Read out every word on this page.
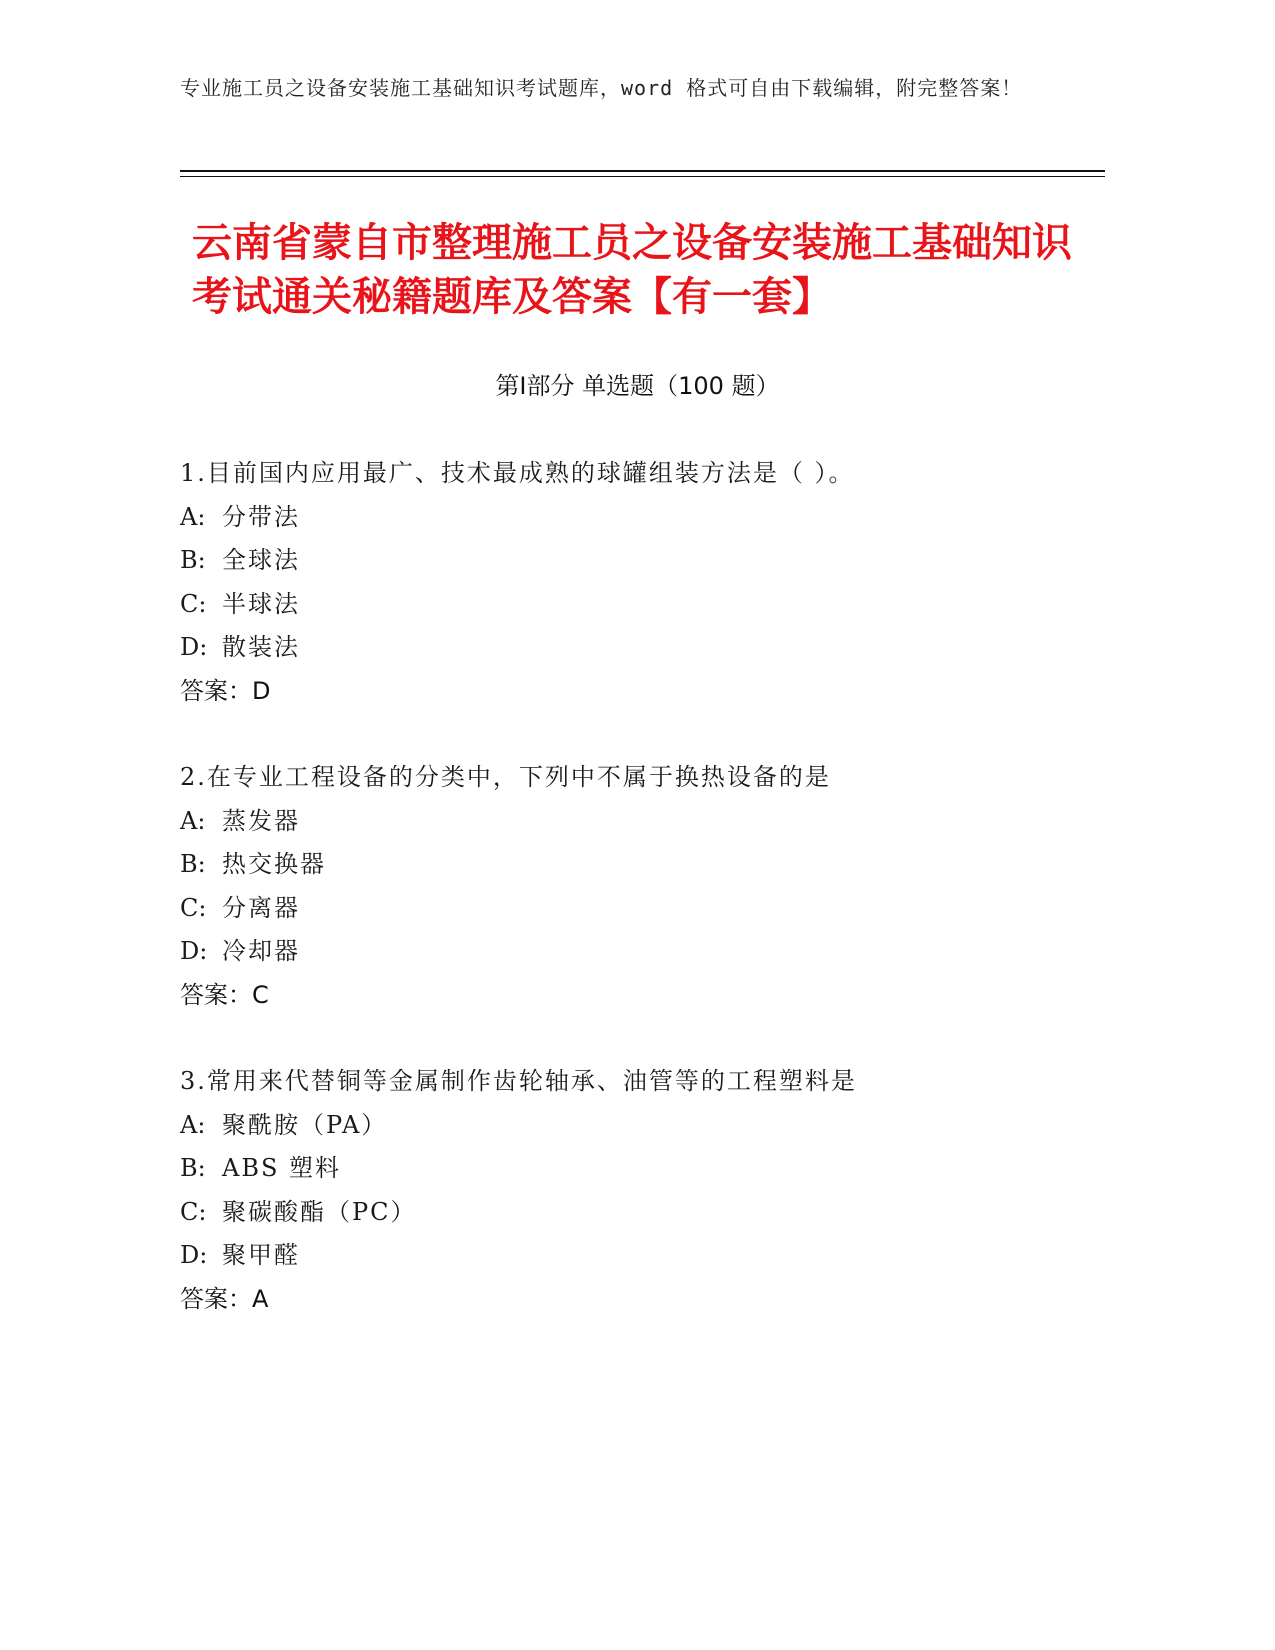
专业施工员之设备安装施工基础知识考试题库，word 格式可自由下载编辑，附完整答案！
云南省蒙自市整理施工员之设备安装施工基础知识考试通关秘籍题库及答案【有一套】
第Ⅰ部分 单选题（100 题）
1.目前国内应用最广、技术最成熟的球罐组装方法是（ ）。
A: 分带法
B: 全球法
C: 半球法
D: 散装法
答案：D
2.在专业工程设备的分类中，下列中不属于换热设备的是
A: 蒸发器
B: 热交换器
C: 分离器
D: 冷却器
答案：C
3.常用来代替铜等金属制作齿轮轴承、油管等的工程塑料是
A: 聚酰胺（PA）
B: ABS 塑料
C: 聚碳酸酯（PC）
D: 聚甲醛
答案：A
